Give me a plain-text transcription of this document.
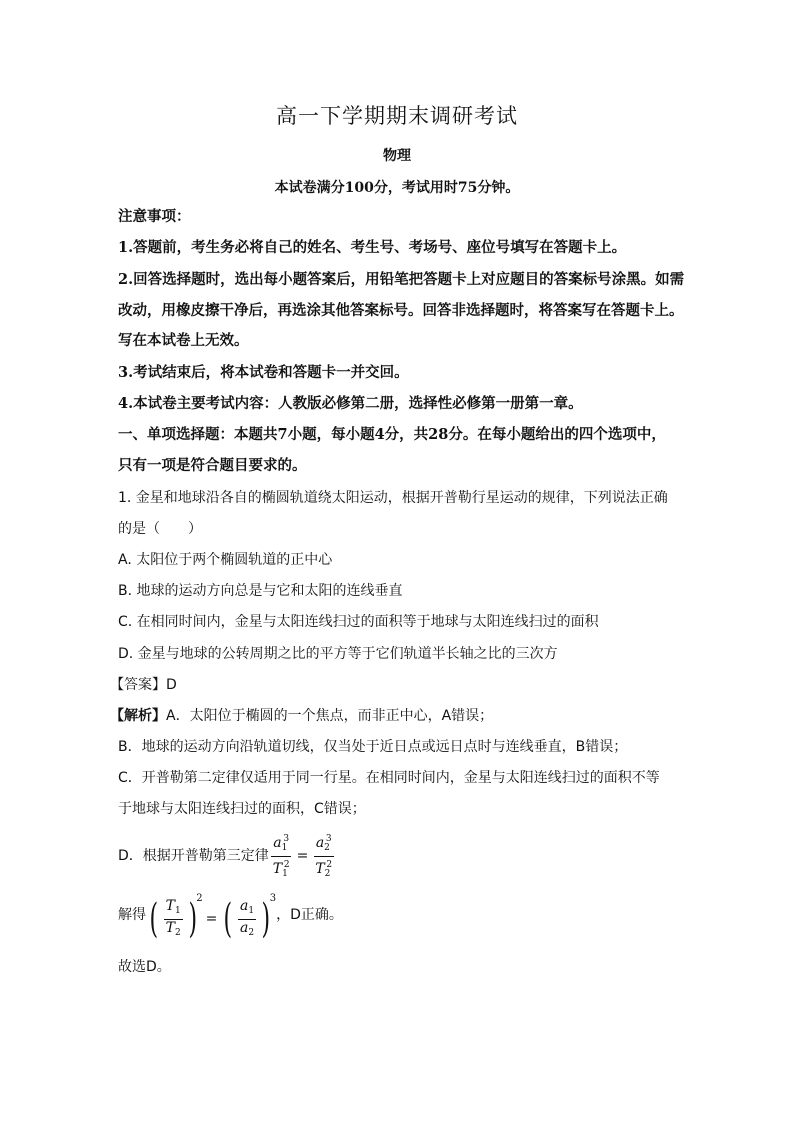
高一下学期期末调研考试
物理
本试卷满分100分，考试用时75分钟。
注意事项：
1.答题前，考生务必将自己的姓名、考生号、考场号、座位号填写在答题卡上。
2.回答选择题时，选出每小题答案后，用铅笔把答题卡上对应题目的答案标号涂黑。如需
改动，用橡皮擦干净后，再选涂其他答案标号。回答非选择题时，将答案写在答题卡上。
写在本试卷上无效。
3.考试结束后，将本试卷和答题卡一并交回。
4.本试卷主要考试内容：人教版必修第二册，选择性必修第一册第一章。
一、单项选择题：本题共7小题，每小题4分，共28分。在每小题给出的四个选项中，
只有一项是符合题目要求的。
1. 金星和地球沿各自的椭圆轨道绕太阳运动，根据开普勒行星运动的规律，下列说法正确
的是（　　）
A. 太阳位于两个椭圆轨道的正中心
B. 地球的运动方向总是与它和太阳的连线垂直
C. 在相同时间内，金星与太阳连线扫过的面积等于地球与太阳连线扫过的面积
D. 金星与地球的公转周期之比的平方等于它们轨道半长轴之比的三次方
【答案】D
【解析】A．太阳位于椭圆的一个焦点，而非正中心，A错误；
B．地球的运动方向沿轨道切线，仅当处于近日点或远日点时与连线垂直，B错误；
C．开普勒第二定律仅适用于同一行星。在相同时间内，金星与太阳连线扫过的面积不等
于地球与太阳连线扫过的面积，C错误；
D．根据开普勒第三定律 $\frac{a_1^3}{T_1^2} = \frac{a_2^3}{T_2^2}$
解得 ( $\frac{T_1}{T_2} )^2=$ ( $\frac{a_1}{a_2} )^3$
，D正确。
故选D。
